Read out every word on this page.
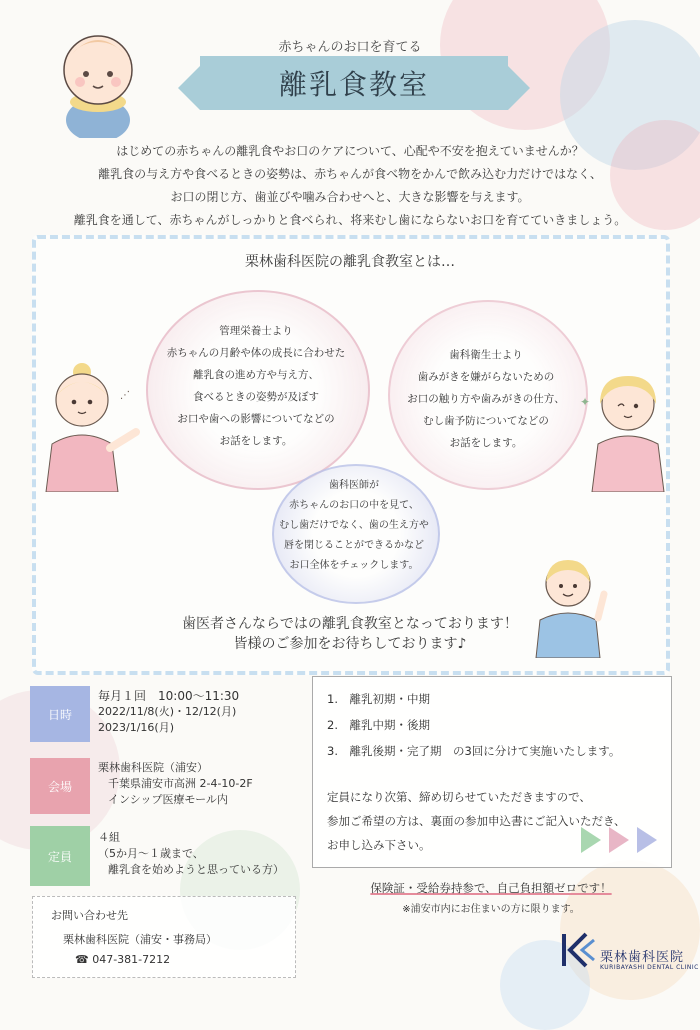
赤ちゃんのお口を育てる
離乳食教室
はじめての赤ちゃんの離乳食やお口のケアについて、心配や不安を抱えていませんか？
離乳食の与え方や食べるときの姿勢は、赤ちゃんが食べ物をかんで飲み込む力だけではなく、
お口の閉じ方、歯並びや噛み合わせへと、大きな影響を与えます。
離乳食を通して、赤ちゃんがしっかりと食べられ、将来むし歯にならないお口を育てていきましょう。
栗林歯科医院の離乳食教室とは…
管理栄養士より
赤ちゃんの月齢や体の成長に合わせた
離乳食の進め方や与え方、
食べるときの姿勢が及ぼす
お口や歯への影響についてなどの
お話をします。
歯科衛生士より
歯みがきを嫌がらないための
お口の触り方や歯みがきの仕方、
むし歯予防についてなどの
お話をします。
歯科医師が
赤ちゃんのお口の中を見て、
むし歯だけでなく、歯の生え方や
唇を閉じることができるかなど
お口全体をチェックします。
⋰	✦
歯医者さんならではの離乳食教室となっております！
皆様のご参加をお待ちしております♪
日時
毎月１回　10:00〜11:30
2022/11/8(火)・12/12(月)
2023/1/16(月)
会場
栗林歯科医院（浦安）
千葉県浦安市高洲 2-4-10-2F
インシップ医療モール内
定員
４組
（5か月〜１歳まで、
離乳食を始めようと思っている方）
1.　離乳初期・中期
2.　離乳中期・後期
3.　離乳後期・完了期　の3回に分けて実施いたします。
定員になり次第、締め切らせていただきますので、
参加ご希望の方は、裏面の参加申込書にご記入いただき、
お申し込み下さい。
保険証・受給券持参で、自己負担額ゼロです！
※浦安市内にお住まいの方に限ります。
お問い合わせ先
栗林歯科医院（浦安・事務局）
☎ 047-381-7212	栗林歯科医院
KURIBAYASHI DENTAL CLINIC
